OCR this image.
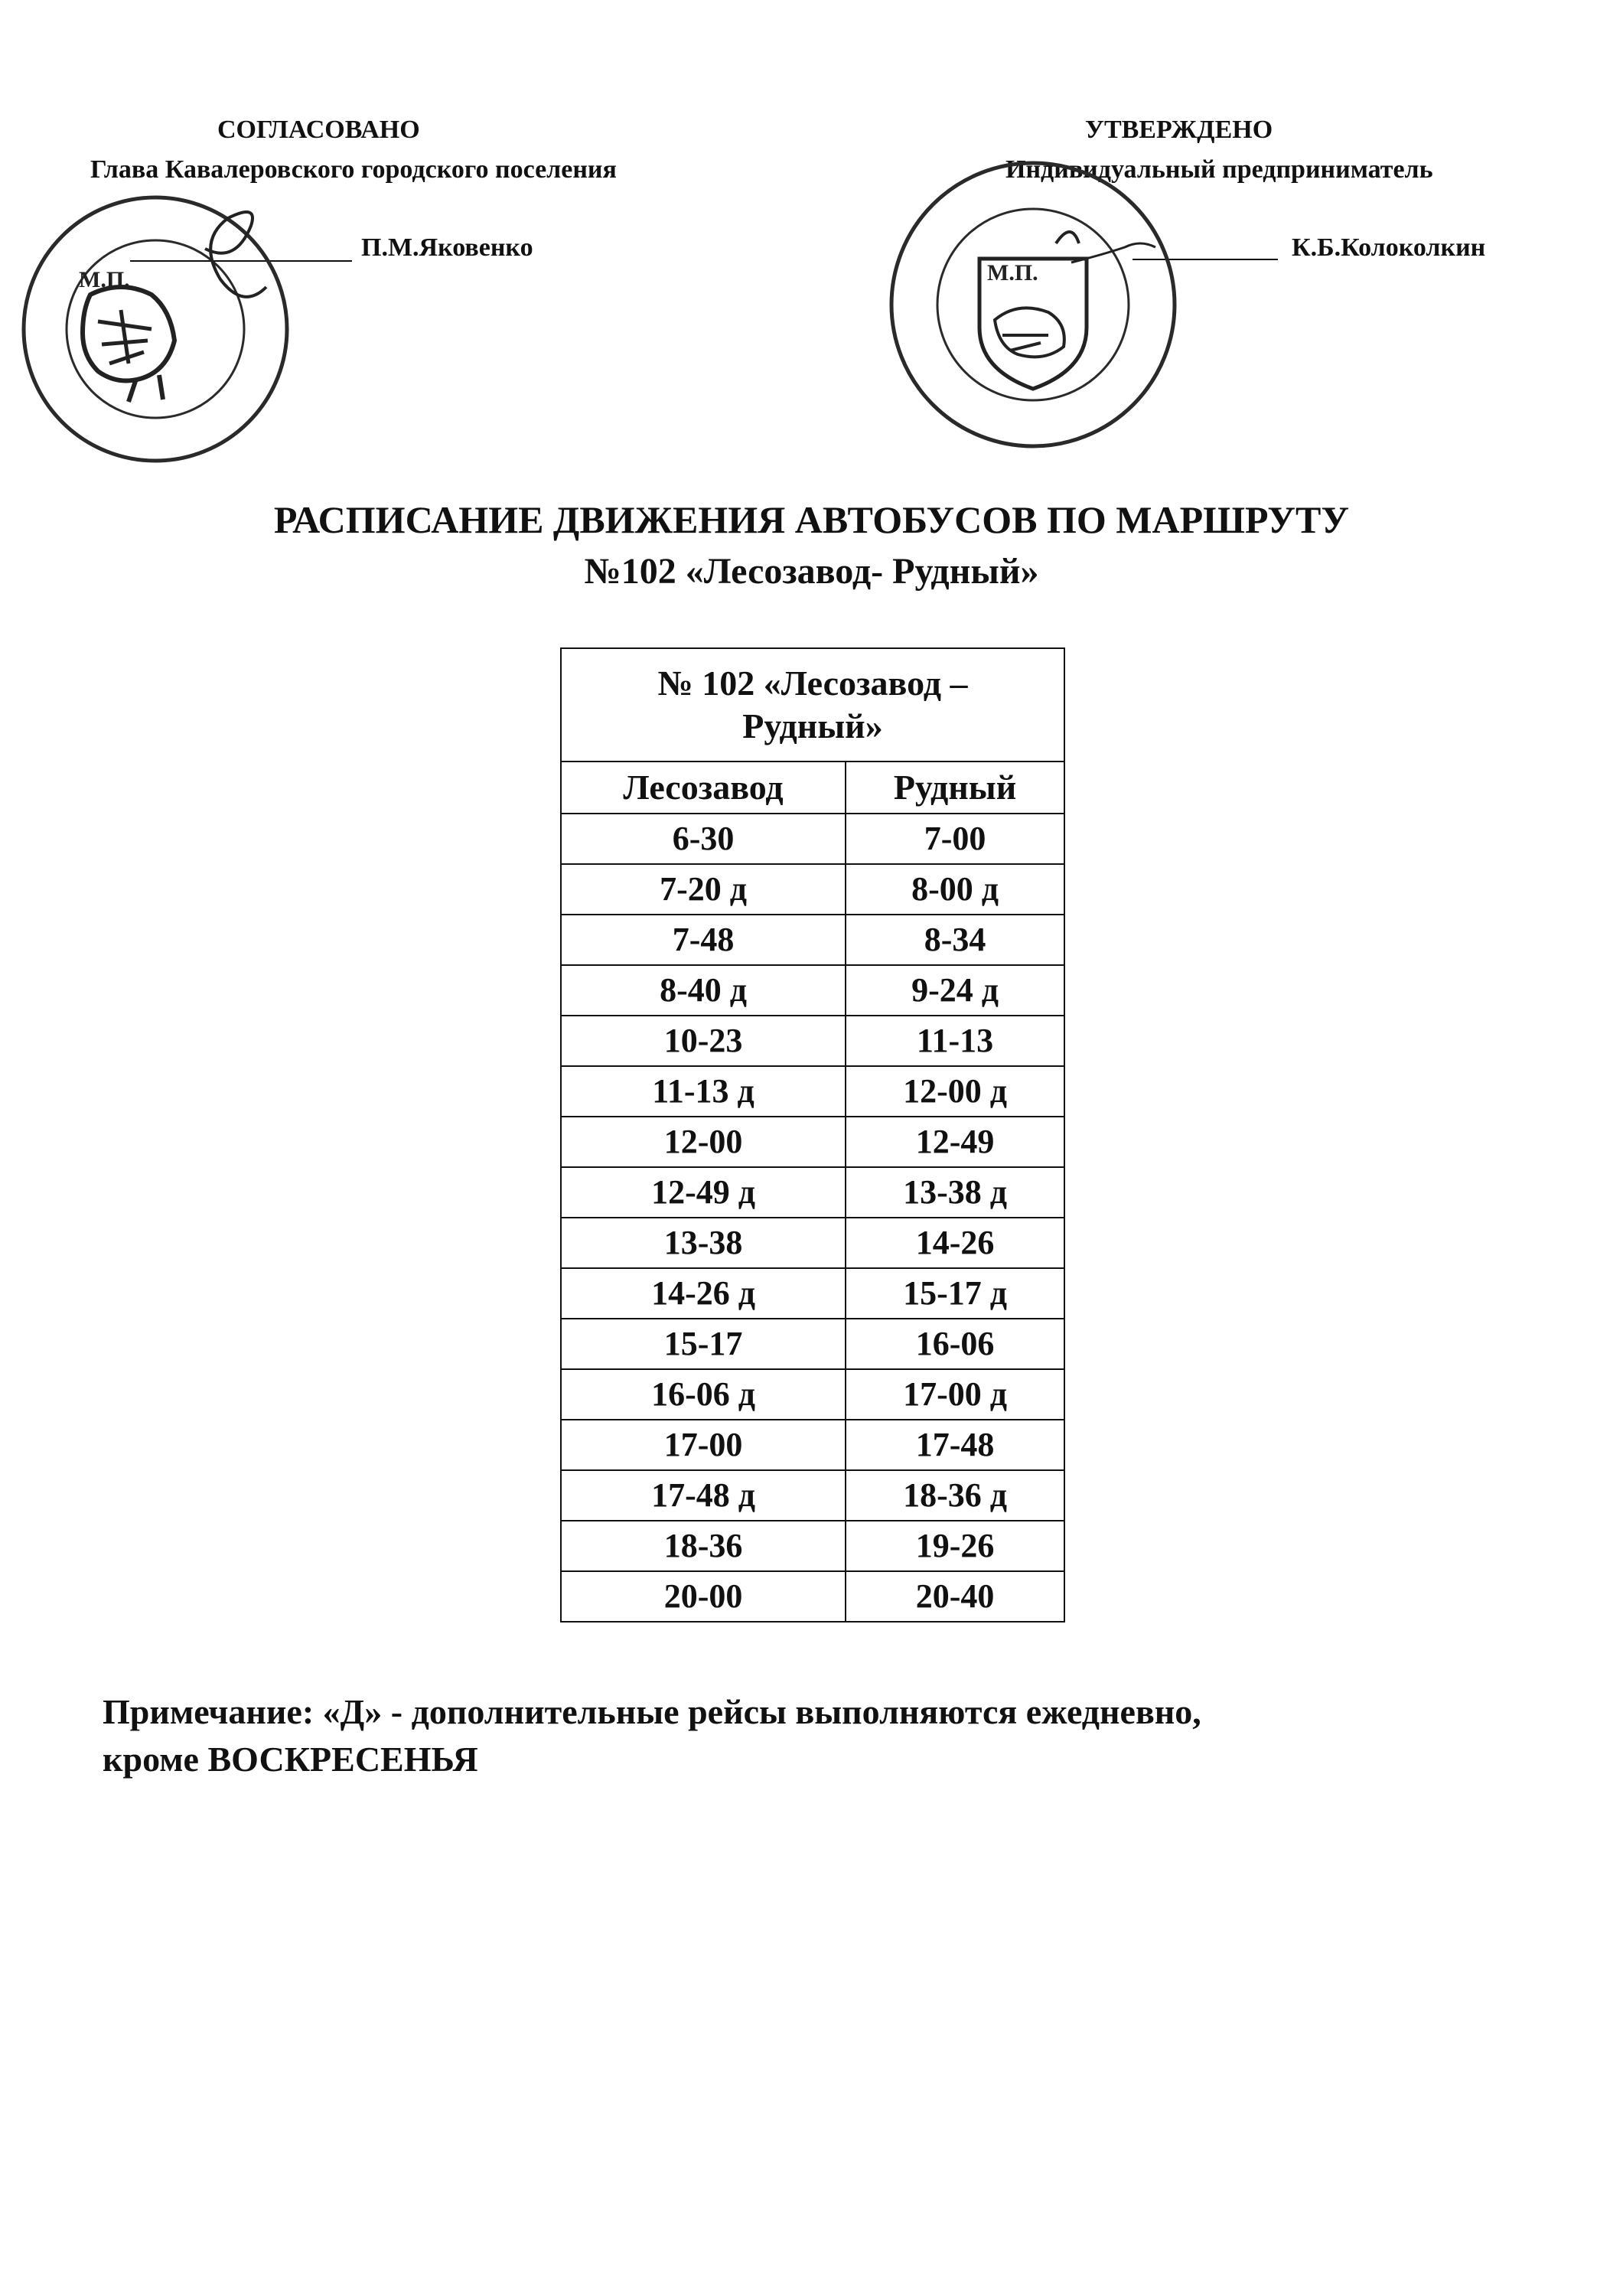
СОГЛАСОВАНО
Глава Кавалеровского городского поселения
П.М.Яковенко
М.П.
УТВЕРЖДЕНО
Индивидуальный предприниматель
К.Б.Колоколкин
М.П.
РАСПИСАНИЕ ДВИЖЕНИЯ АВТОБУСОВ ПО МАРШРУТУ
№102 «Лесозавод- Рудный»
№ 102 «Лесозавод –
Рудный»	
Лесозавод	Рудный
6-30	7-00
7-20 д	8-00 д
7-48	8-34
8-40 д	9-24 д
10-23	11-13
11-13 д	12-00 д
12-00	12-49
12-49 д	13-38 д
13-38	14-26
14-26 д	15-17 д
15-17	16-06
16-06 д	17-00 д
17-00	17-48
17-48 д	18-36 д
18-36	19-26
20-00	20-40
Примечание: «Д» - дополнительные рейсы выполняются ежедневно,
кроме ВОСКРЕСЕНЬЯ
